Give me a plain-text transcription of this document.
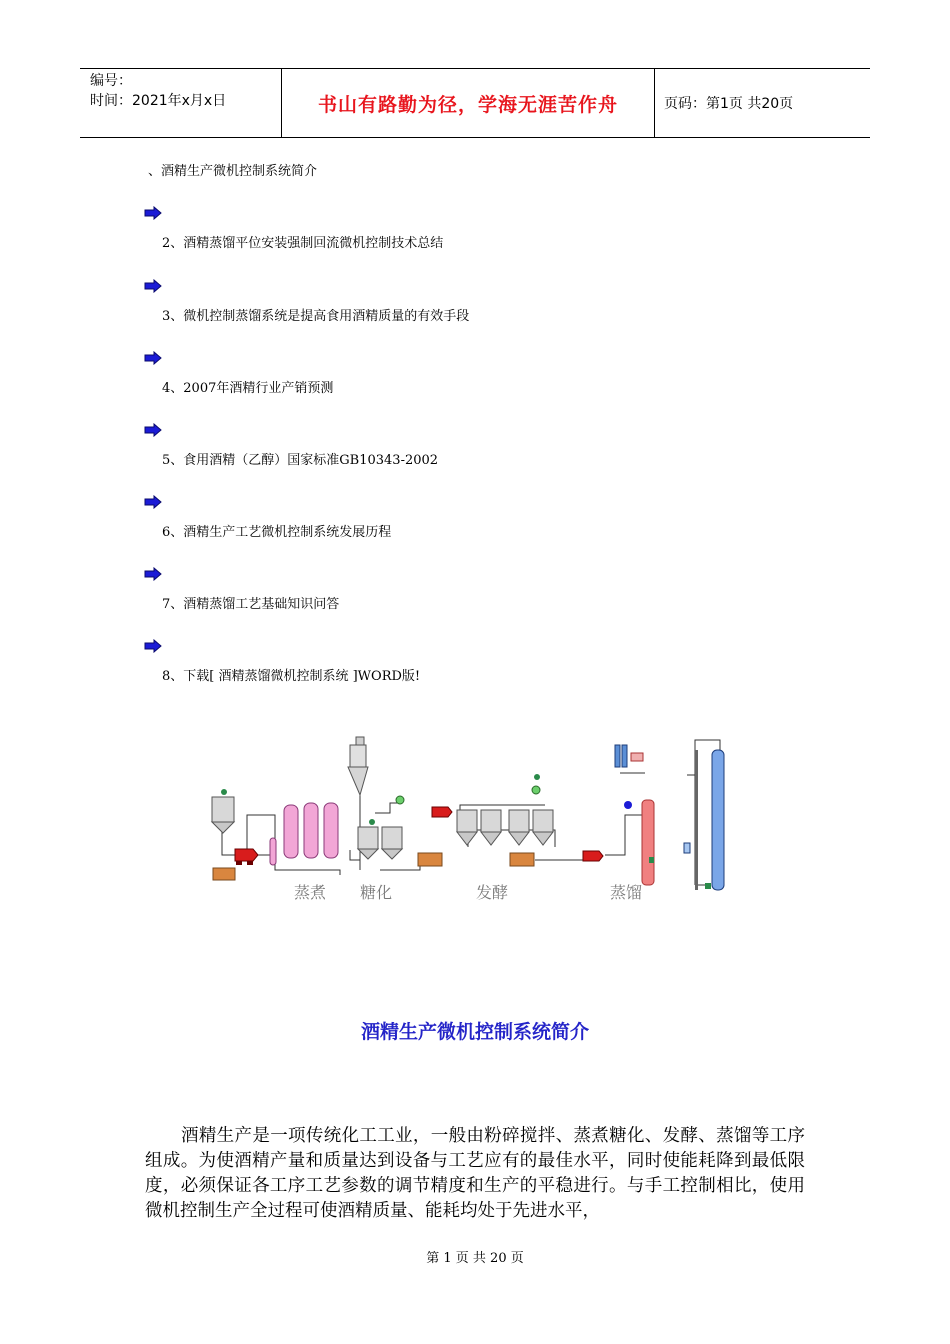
编号：
时间：2021年x月x日	书山有路勤为径，学海无涯苦作舟	页码：第1页 共20页
、酒精生产微机控制系统简介
2、酒精蒸馏平位安装强制回流微机控制技术总结
3、微机控制蒸馏系统是提高食用酒精质量的有效手段
4、2007年酒精行业产销预测
5、食用酒精（乙醇）国家标准GB10343-2002
6、酒精生产工艺微机控制系统发展历程
7、酒精蒸馏工艺基础知识问答
8、下载[ 酒精蒸馏微机控制系统 ]WORD版!
蒸煮 糖化	发酵	蒸馏
酒精生产微机控制系统简介
酒精生产是一项传统化工工业，一般由粉碎搅拌、蒸煮糖化、发酵、蒸馏等工序组成。为使酒精产量和质量达到设备与工艺应有的最佳水平，同时使能耗降到最低限度，必须保证各工序工艺参数的调节精度和生产的平稳进行。与手工控制相比，使用微机控制生产全过程可使酒精质量、能耗均处于先进水平，
第 1 页 共 20 页
